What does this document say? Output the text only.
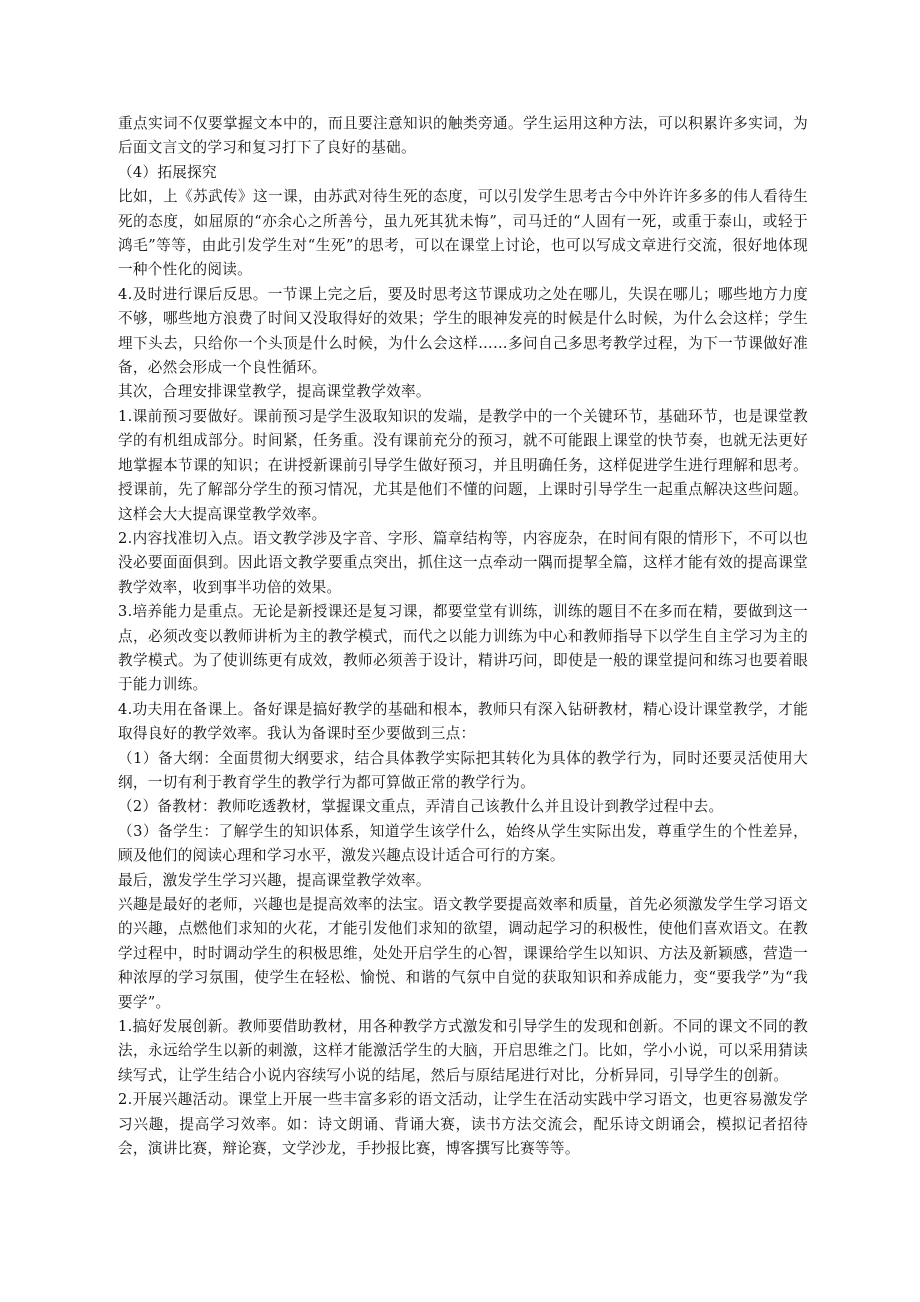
重点实词不仅要掌握文本中的，而且要注意知识的触类旁通。学生运用这种方法，可以积累许多实词，为后面文言文的学习和复习打下了良好的基础。

（4）拓展探究

比如，上《苏武传》这一课，由苏武对待生死的态度，可以引发学生思考古今中外许许多多的伟人看待生死的态度，如屈原的“亦余心之所善兮，虽九死其犹未悔”，司马迁的“人固有一死，或重于泰山，或轻于鸿毛”等等，由此引发学生对“生死”的思考，可以在课堂上讨论，也可以写成文章进行交流，很好地体现一种个性化的阅读。

4.及时进行课后反思。一节课上完之后，要及时思考这节课成功之处在哪儿，失误在哪儿；哪些地方力度不够，哪些地方浪费了时间又没取得好的效果；学生的眼神发亮的时候是什么时候，为什么会这样；学生埋下头去，只给你一个头顶是什么时候，为什么会这样……多问自己多思考教学过程，为下一节课做好准备，必然会形成一个良性循环。

其次，合理安排课堂教学，提高课堂教学效率。

1.课前预习要做好。课前预习是学生汲取知识的发端，是教学中的一个关键环节，基础环节，也是课堂教学的有机组成部分。时间紧，任务重。没有课前充分的预习，就不可能跟上课堂的快节奏，也就无法更好地掌握本节课的知识；在讲授新课前引导学生做好预习，并且明确任务，这样促进学生进行理解和思考。授课前，先了解部分学生的预习情况，尤其是他们不懂的问题，上课时引导学生一起重点解决这些问题。这样会大大提高课堂教学效率。

2.内容找准切入点。语文教学涉及字音、字形、篇章结构等，内容庞杂，在时间有限的情形下，不可以也没必要面面俱到。因此语文教学要重点突出，抓住这一点牵动一隅而提挈全篇，这样才能有效的提高课堂教学效率，收到事半功倍的效果。

3.培养能力是重点。无论是新授课还是复习课，都要堂堂有训练，训练的题目不在多而在精，要做到这一点，必须改变以教师讲析为主的教学模式，而代之以能力训练为中心和教师指导下以学生自主学习为主的教学模式。为了使训练更有成效，教师必须善于设计，精讲巧问，即使是一般的课堂提问和练习也要着眼于能力训练。

4.功夫用在备课上。备好课是搞好教学的基础和根本，教师只有深入钻研教材，精心设计课堂教学，才能取得良好的教学效率。我认为备课时至少要做到三点：

（1）备大纲：全面贯彻大纲要求，结合具体教学实际把其转化为具体的教学行为，同时还要灵活使用大纲，一切有利于教育学生的教学行为都可算做正常的教学行为。

（2）备教材：教师吃透教材，掌握课文重点，弄清自己该教什么并且设计到教学过程中去。

（3）备学生：了解学生的知识体系，知道学生该学什么，始终从学生实际出发，尊重学生的个性差异，顾及他们的阅读心理和学习水平，激发兴趣点设计适合可行的方案。

最后，激发学生学习兴趣，提高课堂教学效率。

兴趣是最好的老师，兴趣也是提高效率的法宝。语文教学要提高效率和质量，首先必须激发学生学习语文的兴趣，点燃他们求知的火花，才能引发他们求知的欲望，调动起学习的积极性，使他们喜欢语文。在教学过程中，时时调动学生的积极思维，处处开启学生的心智，课课给学生以知识、方法及新颖感，营造一种浓厚的学习氛围，使学生在轻松、愉悦、和谐的气氛中自觉的获取知识和养成能力，变“要我学”为“我要学”。

1.搞好发展创新。教师要借助教材，用各种教学方式激发和引导学生的发现和创新。不同的课文不同的教法，永远给学生以新的刺激，这样才能激活学生的大脑，开启思维之门。比如，学小小说，可以采用猜读续写式，让学生结合小说内容续写小说的结尾，然后与原结尾进行对比，分析异同，引导学生的创新。

2.开展兴趣活动。课堂上开展一些丰富多彩的语文活动，让学生在活动实践中学习语文，也更容易激发学习兴趣，提高学习效率。如：诗文朗诵、背诵大赛，读书方法交流会，配乐诗文朗诵会，模拟记者招待会，演讲比赛，辩论赛，文学沙龙，手抄报比赛，博客撰写比赛等等。
